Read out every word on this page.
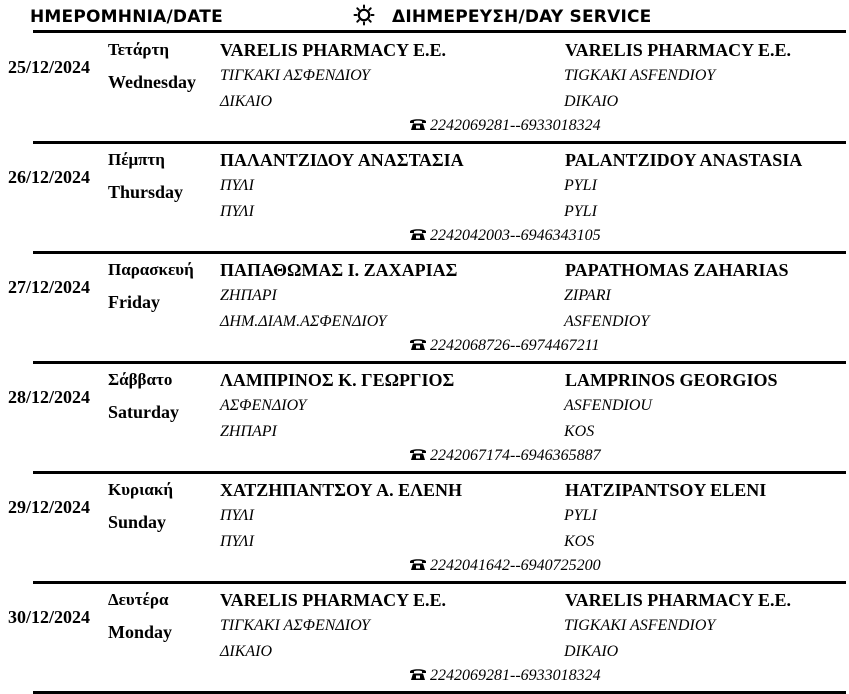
ΗΜΕΡΟΜΗΝΙΑ/DATE	ΔΙΗΜΕΡΕΥΣΗ/DAY SERVICE
25/12/2024
Τετάρτη
Wednesday
VARELIS PHARMACY Ε.Ε.
ΤΙΓΚΑΚΙ ΑΣΦΕΝΔΙΟΥ
ΔΙΚΑΙΟ
VARELIS PHARMACY E.E.
TIGKAKI ASFENDIOY
DIKAIO
2242069281--6933018324
26/12/2024
Πέμπτη
Thursday
ΠΑΛΑΝΤΖΙΔΟΥ ΑΝΑΣΤΑΣΙΑ
ΠΥΛΙ
ΠΥΛΙ
PALANTZIDOY ANASTASIA
PYLI
PYLI
2242042003--6946343105
27/12/2024
Παρασκευή
Friday
ΠΑΠΑΘΩΜΑΣ Ι. ΖΑΧΑΡΙΑΣ
ΖΗΠΑΡΙ
ΔΗΜ.ΔΙΑΜ.ΑΣΦΕΝΔΙΟΥ
PAPATHOMAS ZAHARIAS
ZIPARI
ASFENDIOY
2242068726--6974467211
28/12/2024
Σάββατο
Saturday
ΛΑΜΠΡΙΝΟΣ Κ. ΓΕΩΡΓΙΟΣ
ΑΣΦΕΝΔΙΟΥ
ΖΗΠΑΡΙ
LAMPRINOS GEORGIOS
ASFENDIOU
KOS
2242067174--6946365887
29/12/2024
Κυριακή
Sunday
ΧΑΤΖΗΠΑΝΤΣΟΥ Α. ΕΛΕΝΗ
ΠΥΛΙ
ΠΥΛΙ
HATZIPANTSOY ELENI
PYLI
KOS
2242041642--6940725200
30/12/2024
Δευτέρα
Monday
VARELIS PHARMACY Ε.Ε.
ΤΙΓΚΑΚΙ ΑΣΦΕΝΔΙΟΥ
ΔΙΚΑΙΟ
VARELIS PHARMACY E.E.
TIGKAKI ASFENDIOY
DIKAIO
2242069281--6933018324
